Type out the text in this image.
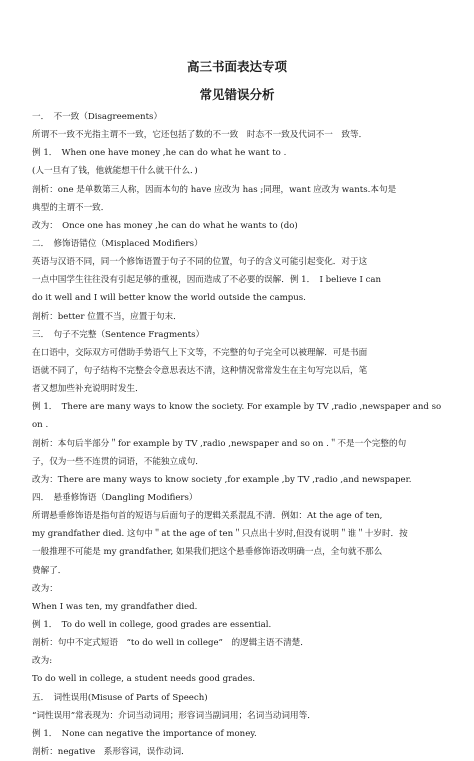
高三书面表达专项
常见错误分析
一．　不一致（Disagreements）
所谓不一致不光指主谓不一致，它还包括了数的不一致　时态不一致及代词不一　致等．
例 1．　When one have money ,he can do what he want to .
(人一旦有了钱，他就能想干什么就干什么．)
剖析：one 是单数第三人称，因而本句的 have 应改为 has ;同理，want 应改为 wants.本句是
典型的主谓不一致．
改为：　Once one has money ,he can do what he wants to (do)
二．　修饰语错位（Misplaced Modifiers）
英语与汉语不同，同一个修饰语置于句子不同的位置，句子的含义可能引起变化．对于这
一点中国学生往往没有引起足够的重视，因而造成了不必要的误解．例 1．　I believe I can
do it well and I will better know the world outside the campus.
剖析：better 位置不当，应置于句末．
三．　句子不完整（Sentence Fragments）
在口语中，交际双方可借助手势语气上下文等，不完整的句子完全可以被理解．可是书面
语就不同了，句子结构不完整会令意思表达不清，这种情况常常发生在主句写完以后，笔
者又想加些补充说明时发生．
例 1．　There are many ways to know the society. For example by TV ,radio ,newspaper and so
on .
剖析：本句后半部分＂for example by TV ,radio ,newspaper and so on .＂不是一个完整的句
子，仅为一些不连贯的词语，不能独立成句．
改为：There are many ways to know society ,for example ,by TV ,radio ,and newspaper.
四．　悬垂修饰语（Dangling Modifiers）
所谓悬垂修饰语是指句首的短语与后面句子的逻辑关系混乱不清．例如：At the age of ten,
my grandfather died. 这句中＂at the age of ten＂只点出十岁时,但没有说明＂谁＂十岁时．按
一般推理不可能是 my grandfather, 如果我们把这个悬垂修饰语改明确一点，全句就不那么
费解了．
改为：
When I was ten, my grandfather died.
例 1．　To do well in college, good grades are essential.
剖析：句中不定式短语　“to do well in college”　的逻辑主语不清楚．
改为:
To do well in college, a student needs good grades.
五．　词性误用(Misuse of Parts of Speech)
“词性误用”常表现为：介词当动词用；形容词当副词用；名词当动词用等．
例 1．　None can negative the importance of money.
剖析：negative　系形容词，误作动词．
